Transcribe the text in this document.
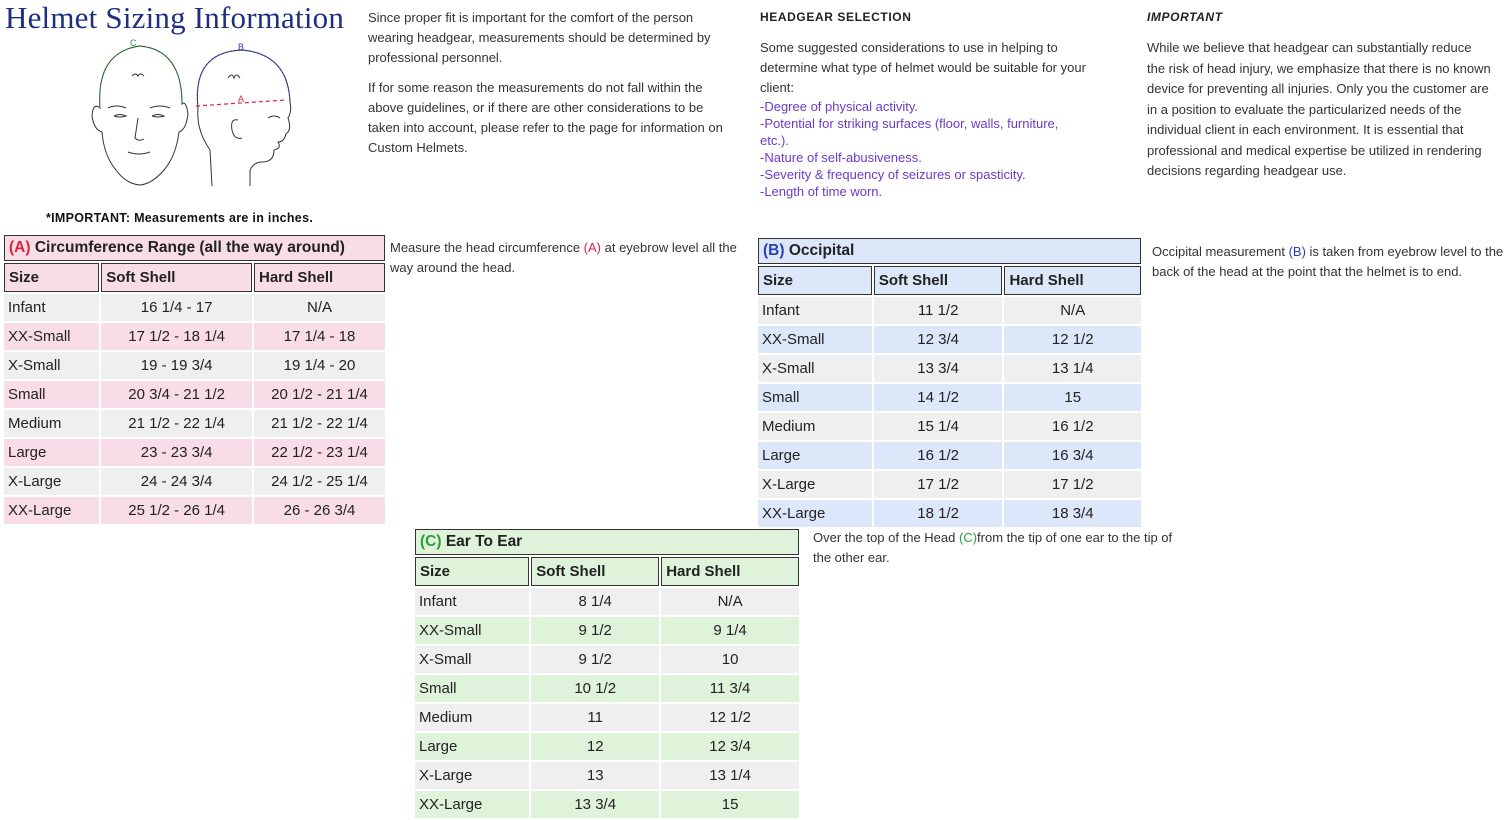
Helmet Sizing Information
C	B
A

Since proper fit is important for the comfort of the person wearing headgear, measurements should be determined by professional personnel.

If for some reason the measurements do not fall within the above guidelines, or if there are other considerations to be taken into account, please refer to the page for information on Custom Helmets.

HEADGEAR SELECTION
Some suggested considerations to use in helping to determine what type of helmet would be suitable for your client:
-Degree of physical activity.
-Potential for striking surfaces (floor, walls, furniture, etc.).
-Nature of self-abusiveness.
-Severity & frequency of seizures or spasticity.
-Length of time worn.
IMPORTANT
While we believe that headgear can substantially reduce the risk of head injury, we emphasize that there is no known device for preventing all injuries. Only you the customer are in a position to evaluate the particularized needs of the individual client in each environment. It is essential that professional and medical expertise be utilized in rendering decisions regarding headgear use.
*IMPORTANT: Measurements are in inches.
(A) Circumference Range (all the way around)		
Size	Soft Shell	Hard Shell
Infant	16 1/4 - 17	N/A
XX-Small	17 1/2 - 18 1/4	17 1/4 - 18
X-Small	19 - 19 3/4	19 1/4 - 20
Small	20 3/4 - 21 1/2	20 1/2 - 21 1/4
Medium	21 1/2 - 22 1/4	21 1/2 - 22 1/4
Large	23 - 23 3/4	22 1/2 - 23 1/4
X-Large	24 - 24 3/4	24 1/2 - 25 1/4
XX-Large	25 1/2 - 26 1/4	26 - 26 3/4
Measure the head circumference (A) at eyebrow level all the way around the head.
(B) Occipital		
Size	Soft Shell	Hard Shell
Infant	11 1/2	N/A
XX-Small	12 3/4	12 1/2
X-Small	13 3/4	13 1/4
Small	14 1/2	15
Medium	15 1/4	16 1/2
Large	16 1/2	16 3/4
X-Large	17 1/2	17 1/2
XX-Large	18 1/2	18 3/4
Occipital measurement (B) is taken from eyebrow level to the back of the head at the point that the helmet is to end.
(C) Ear To Ear		
Size	Soft Shell	Hard Shell
Infant	8 1/4	N/A
XX-Small	9 1/2	9 1/4
X-Small	9 1/2	10
Small	10 1/2	11 3/4
Medium	11	12 1/2
Large	12	12 3/4
X-Large	13	13 1/4
XX-Large	13 3/4	15
Over the top of the Head (C)from the tip of one ear to the tip of the other ear.
